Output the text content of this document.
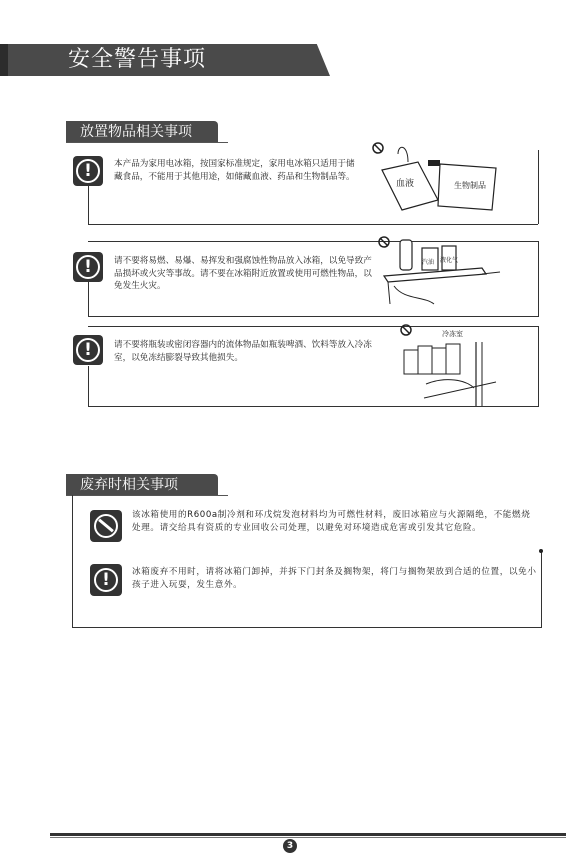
安全警告事项
放置物品相关事项
!	本产品为家用电冰箱，按国家标准规定，家用电冰箱只适用于储藏食品，不能用于其他用途，如储藏血液、药品和生物制品等。
血液	生物制品
!	请不要将易燃、易爆、易挥发和强腐蚀性物品放入冰箱，以免导致产品损坏或火灾等事故。请不要在冰箱附近放置或使用可燃性物品，以免发生火灾。
汽油 液化气
!	请不要将瓶装或密闭容器内的流体物品如瓶装啤酒、饮料等放入冷冻室，以免冻结膨裂导致其他损失。
冷冻室
废弃时相关事项
该冰箱使用的R600a制冷剂和环戊烷发泡材料均为可燃性材料，废旧冰箱应与火源隔绝，不能燃烧处理。请交给具有资质的专业回收公司处理，以避免对环境造成危害或引发其它危险。
!	冰箱废弃不用时，请将冰箱门卸掉，并拆下门封条及搁物架，将门与搁物架放到合适的位置，以免小孩子进入玩耍，发生意外。
3
